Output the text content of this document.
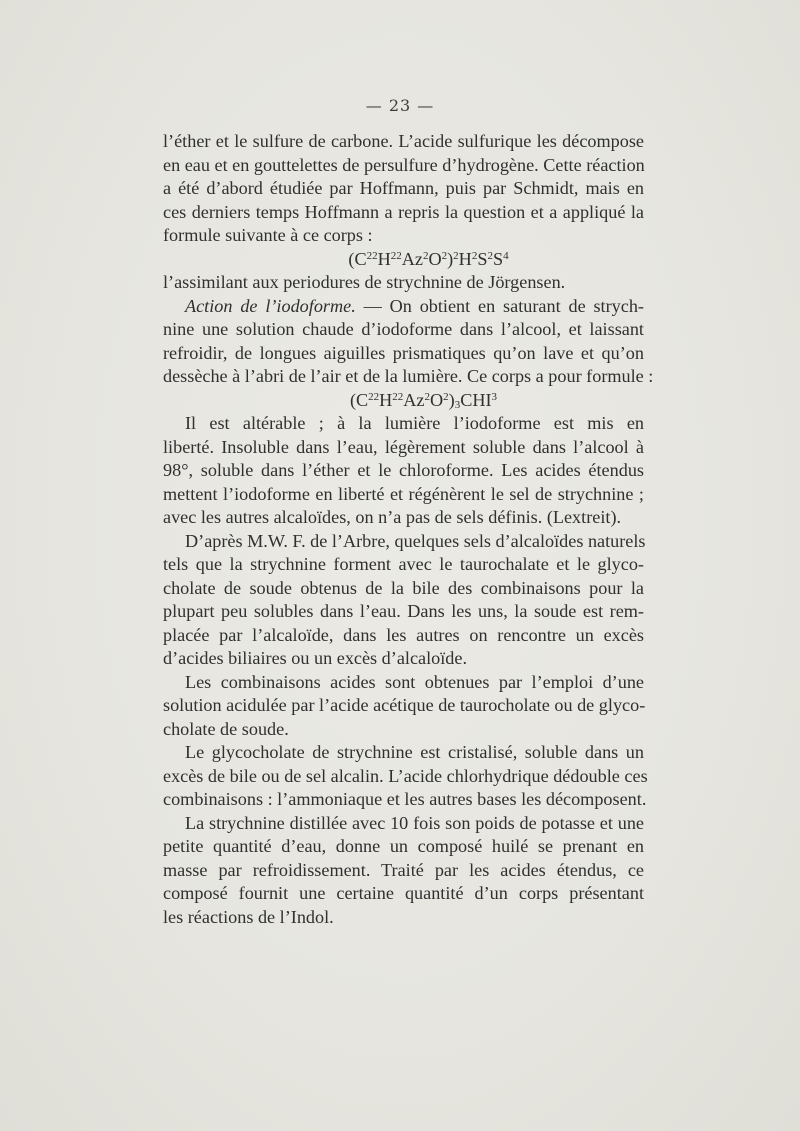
— 23 —
l’éther et le sulfure de carbone. L’acide sulfurique les décompose
en eau et en gouttelettes de persulfure d’hydrogène. Cette réaction
a été d’abord étudiée par Hoffmann, puis par Schmidt, mais en
ces derniers temps Hoffmann a repris la question et a appliqué la
formule suivante à ce corps :
$(C^{22}H^{22}Az^2O^2)^2H^2S^2S^4$
l’assimilant aux periodures de strychnine de Jörgensen.
Action de l’iodoforme. — On obtient en saturant de strych-
nine une solution chaude d’iodoforme dans l’alcool, et laissant
refroidir, de longues aiguilles prismatiques qu’on lave et qu’on
dessèche à l’abri de l’air et de la lumière. Ce corps a pour formule :
$(C^{22}H^{22}Az^2O^2)_3CHI^3$
Il est altérable ; à la lumière l’iodoforme est mis en
liberté. Insoluble dans l’eau, légèrement soluble dans l’alcool à
98°, soluble dans l’éther et le chloroforme. Les acides étendus
mettent l’iodoforme en liberté et régénèrent le sel de strychnine ;
avec les autres alcaloïdes, on n’a pas de sels définis. (Lextreit).
D’après M.W. F. de l’Arbre, quelques sels d’alcaloïdes naturels
tels que la strychnine forment avec le taurochalate et le glyco-
cholate de soude obtenus de la bile des combinaisons pour la
plupart peu solubles dans l’eau. Dans les uns, la soude est rem-
placée par l’alcaloïde, dans les autres on rencontre un excès
d’acides biliaires ou un excès d’alcaloïde.
Les combinaisons acides sont obtenues par l’emploi d’une
solution acidulée par l’acide acétique de taurocholate ou de glyco-
cholate de soude.
Le glycocholate de strychnine est cristalisé, soluble dans un
excès de bile ou de sel alcalin. L’acide chlorhydrique dédouble ces
combinaisons : l’ammoniaque et les autres bases les décomposent.
La strychnine distillée avec 10 fois son poids de potasse et une
petite quantité d’eau, donne un composé huilé se prenant en
masse par refroidissement. Traité par les acides étendus, ce
composé fournit une certaine quantité d’un corps présentant
les réactions de l’Indol.
